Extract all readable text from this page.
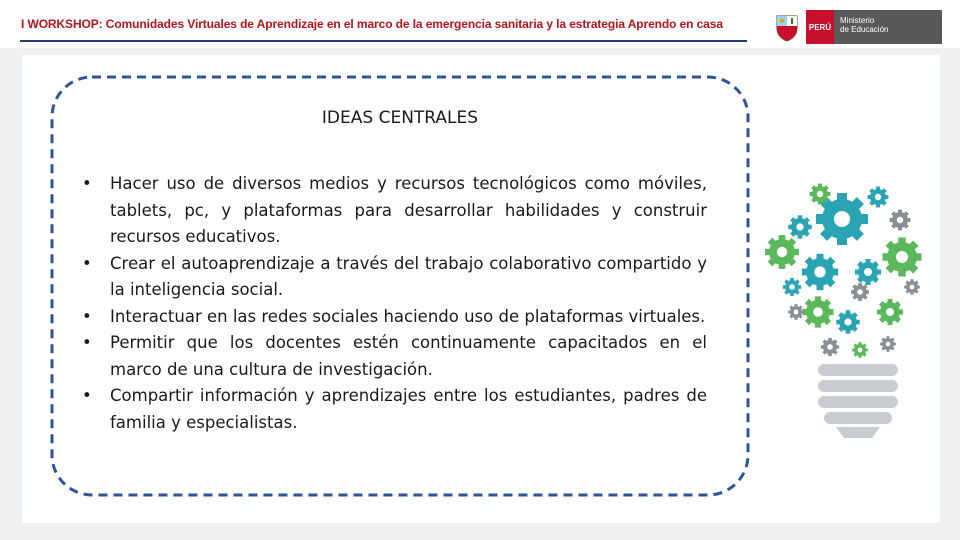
I WORKSHOP: Comunidades Virtuales de Aprendizaje en el marco de la emergencia sanitaria y la estrategia Aprendo en casa	PERÚ
Ministerio
de Educación
IDEAS CENTRALES
• Hacer uso de diversos medios y recursos tecnológicos como móviles, tablets, pc, y plataformas para desarrollar habilidades y construir recursos educativos.
• Crear el autoaprendizaje a través del trabajo colaborativo compartido y la inteligencia social.
• Interactuar en las redes sociales haciendo uso de plataformas virtuales.
• Permitir que los docentes estén continuamente capacitados en el marco de una cultura de investigación.
• Compartir información y aprendizajes entre los estudiantes, padres de familia y especialistas.
